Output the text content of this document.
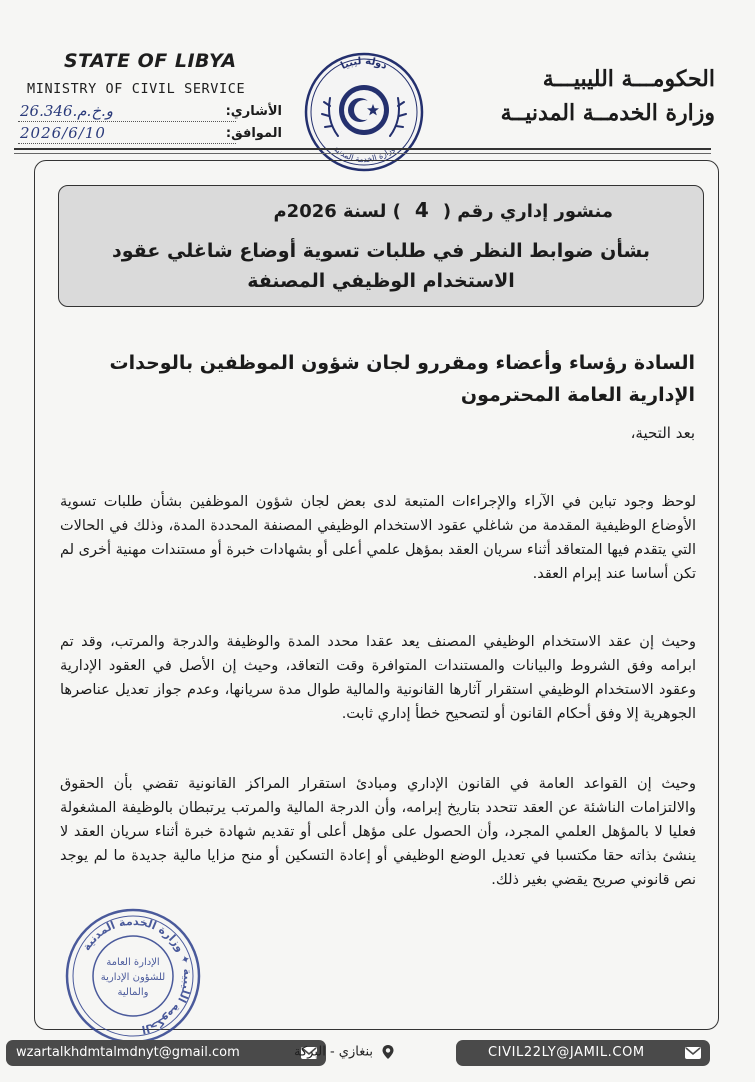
STATE OF LIBYA
MINISTRY OF CIVIL SERVICE
الأشاري:
و.خ.م.26.346
الموافق:
2026/6/10
دولة ليبيا
وزارة الخدمة المدنية
الحكومـــة الليبيـــة
وزارة الخدمــة المدنيــة
منشور إداري رقم (4) لسنة 2026م
بشأن ضوابط النظر في طلبات تسوية أوضاع شاغلي عقود
الاستخدام الوظيفي المصنفة
السادة رؤساء وأعضاء ومقررو لجان شؤون الموظفين بالوحدات
الإدارية العامة المحترمون
بعد التحية،

لوحظ وجود تباين في الآراء والإجراءات المتبعة لدى بعض لجان شؤون الموظفين بشأن طلبات تسوية الأوضاع الوظيفية المقدمة من شاغلي عقود الاستخدام الوظيفي المصنفة المحددة المدة، وذلك في الحالات التي يتقدم فيها المتعاقد أثناء سريان العقد بمؤهل علمي أعلى أو بشهادات خبرة أو مستندات مهنية أخرى لم تكن أساسا عند إبرام العقد.

وحيث إن عقد الاستخدام الوظيفي المصنف يعد عقدا محدد المدة والوظيفة والدرجة والمرتب، وقد تم ابرامه وفق الشروط والبيانات والمستندات المتوافرة وقت التعاقد، وحيث إن الأصل في العقود الإدارية وعقود الاستخدام الوظيفي استقرار آثارها القانونية والمالية طوال مدة سريانها، وعدم جواز تعديل عناصرها الجوهرية إلا وفق أحكام القانون أو لتصحيح خطأ إداري ثابت.

وحيث إن القواعد العامة في القانون الإداري ومبادئ استقرار المراكز القانونية تقضي بأن الحقوق والالتزامات الناشئة عن العقد تتحدد بتاريخ إبرامه، وأن الدرجة المالية والمرتب يرتبطان بالوظيفة المشغولة فعليا لا بالمؤهل العلمي المجرد، وأن الحصول على مؤهل أعلى أو تقديم شهادة خبرة أثناء سريان العقد لا ينشئ بذاته حقا مكتسبا في تعديل الوضع الوظيفي أو إعادة التسكين أو منح مزايا مالية جديدة ما لم يوجد نص قانوني صريح يقضي بغير ذلك.

الحكومة الليبية ✦ وزارة الخدمة المدنية
الإدارة العامة
للشؤون الإدارية
والمالية
wzartalkhdmtalmdnyt@gmail.com	بنغازي - البركة	CIVIL22LY@JAMIL.COM
